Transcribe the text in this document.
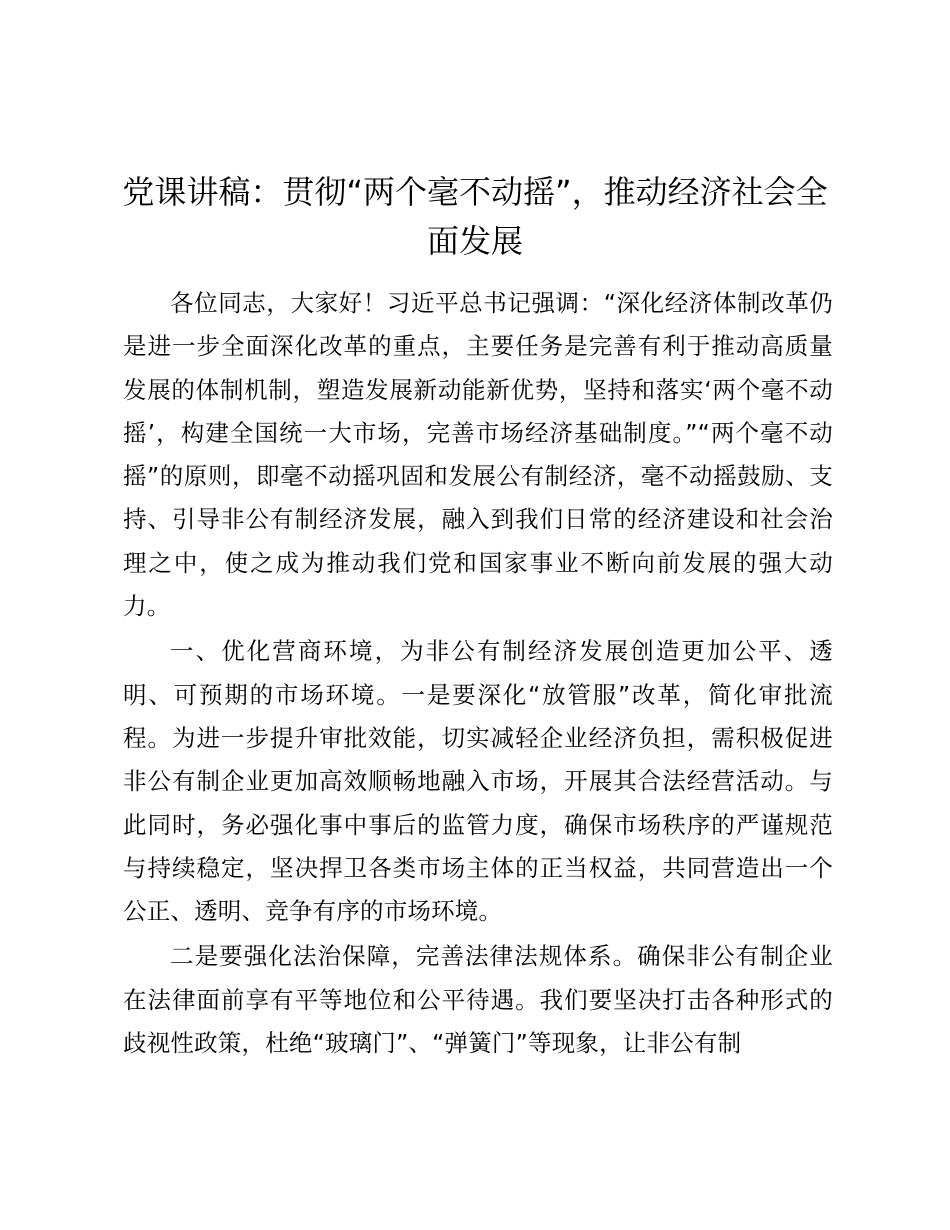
党课讲稿：贯彻“两个毫不动摇”，推动经济社会全面发展

各位同志，大家好！习近平总书记强调：“深化经济体制改革仍是进一步全面深化改革的重点，主要任务是完善有利于推动高质量发展的体制机制，塑造发展新动能新优势，坚持和落实‘两个毫不动摇’，构建全国统一大市场，完善市场经济基础制度。”“两个毫不动摇”的原则，即毫不动摇巩固和发展公有制经济，毫不动摇鼓励、支持、引导非公有制经济发展，融入到我们日常的经济建设和社会治理之中，使之成为推动我们党和国家事业不断向前发展的强大动力。

一、优化营商环境，为非公有制经济发展创造更加公平、透明、可预期的市场环境。一是要深化“放管服”改革，简化审批流程。为进一步提升审批效能，切实减轻企业经济负担，需积极促进非公有制企业更加高效顺畅地融入市场，开展其合法经营活动。与此同时，务必强化事中事后的监管力度，确保市场秩序的严谨规范与持续稳定，坚决捍卫各类市场主体的正当权益，共同营造出一个公正、透明、竞争有序的市场环境。

二是要强化法治保障，完善法律法规体系。确保非公有制企业在法律面前享有平等地位和公平待遇。我们要坚决打击各种形式的歧视性政策，杜绝“玻璃门”、“弹簧门”等现象，让非公有制
